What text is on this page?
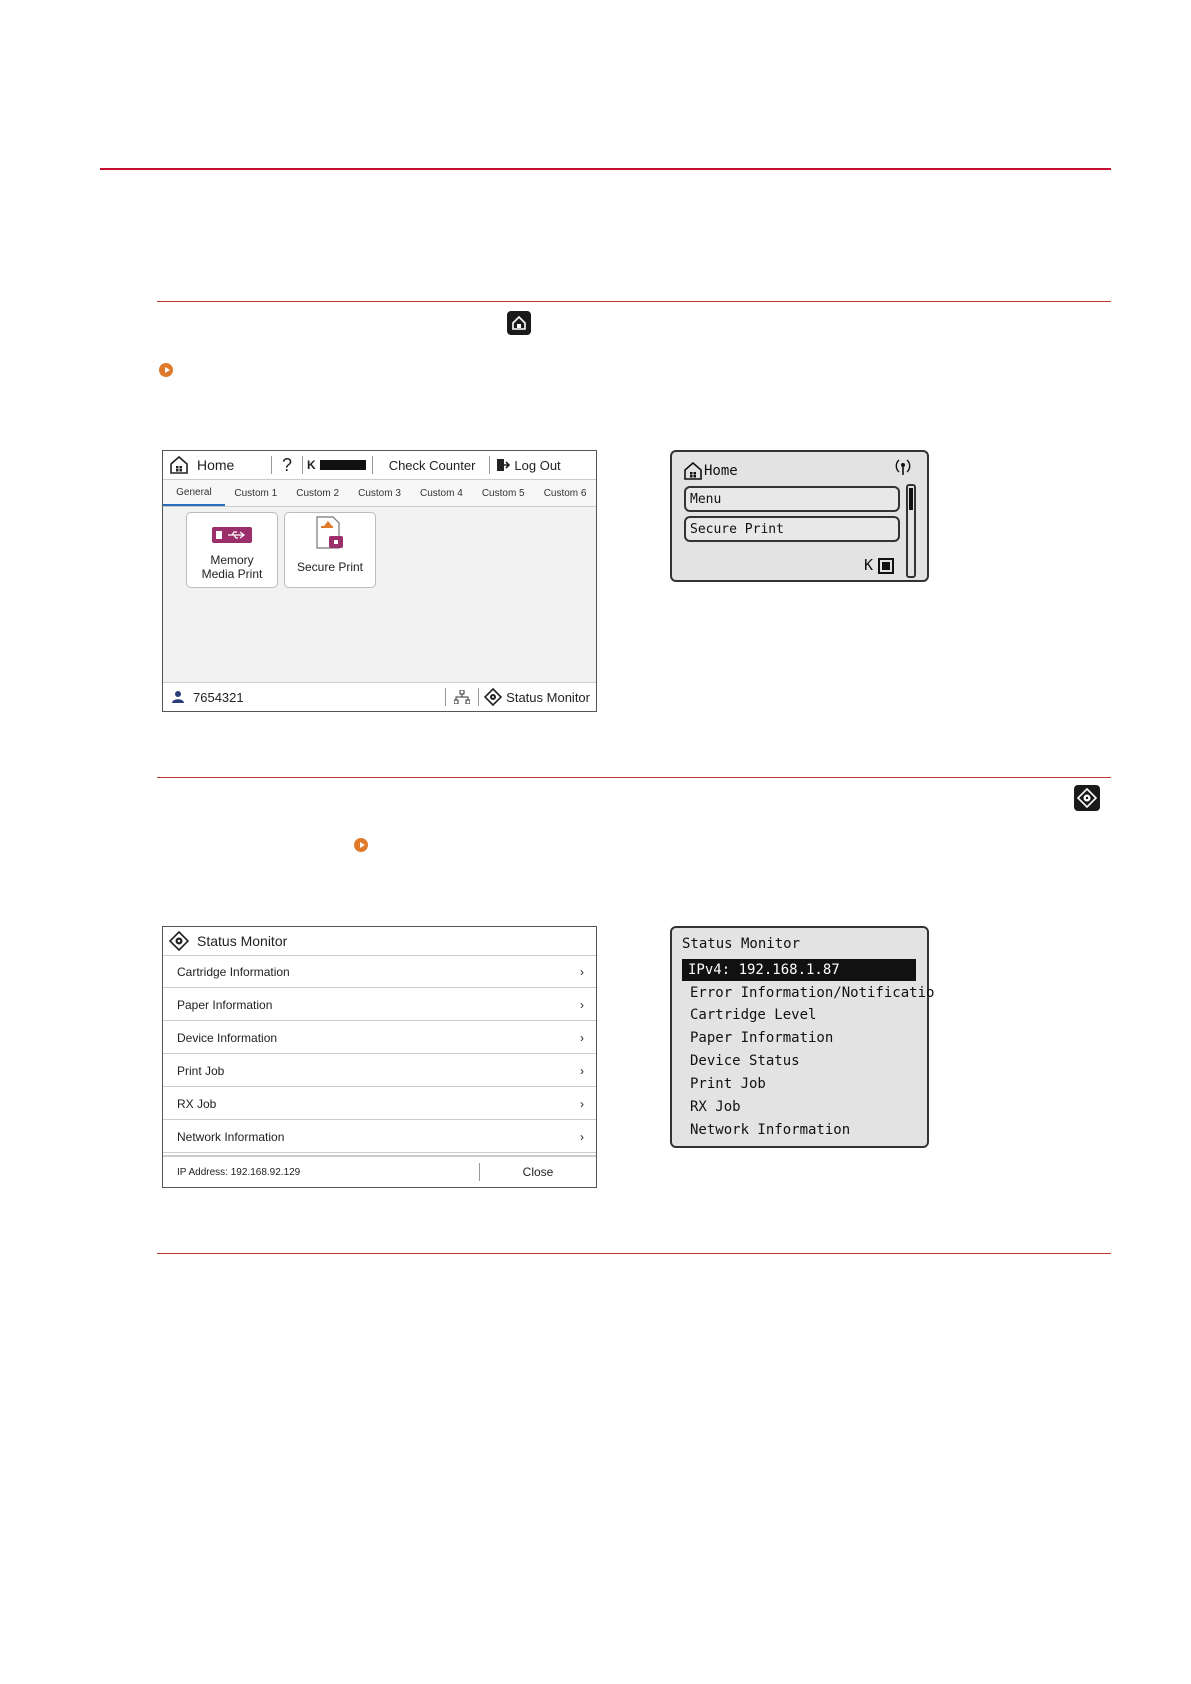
Home	? K	Check Counter	Log Out
General	Custom 1	Custom 2	Custom 3	Custom 4	Custom 5	Custom 6
Memory
Media Print	Secure Print
7654321	Status Monitor
Home
Menu
Secure Print
K
Status Monitor
Cartridge Information	›
Paper Information	›
Device Information	›
Print Job	›
RX Job	›
Network Information	›
IP Address: 192.168.92.129	Close
Status Monitor
IPv4: 192.168.1.87
Error Information/Notificatio
Cartridge Level
Paper Information
Device Status
Print Job
RX Job
Network Information
